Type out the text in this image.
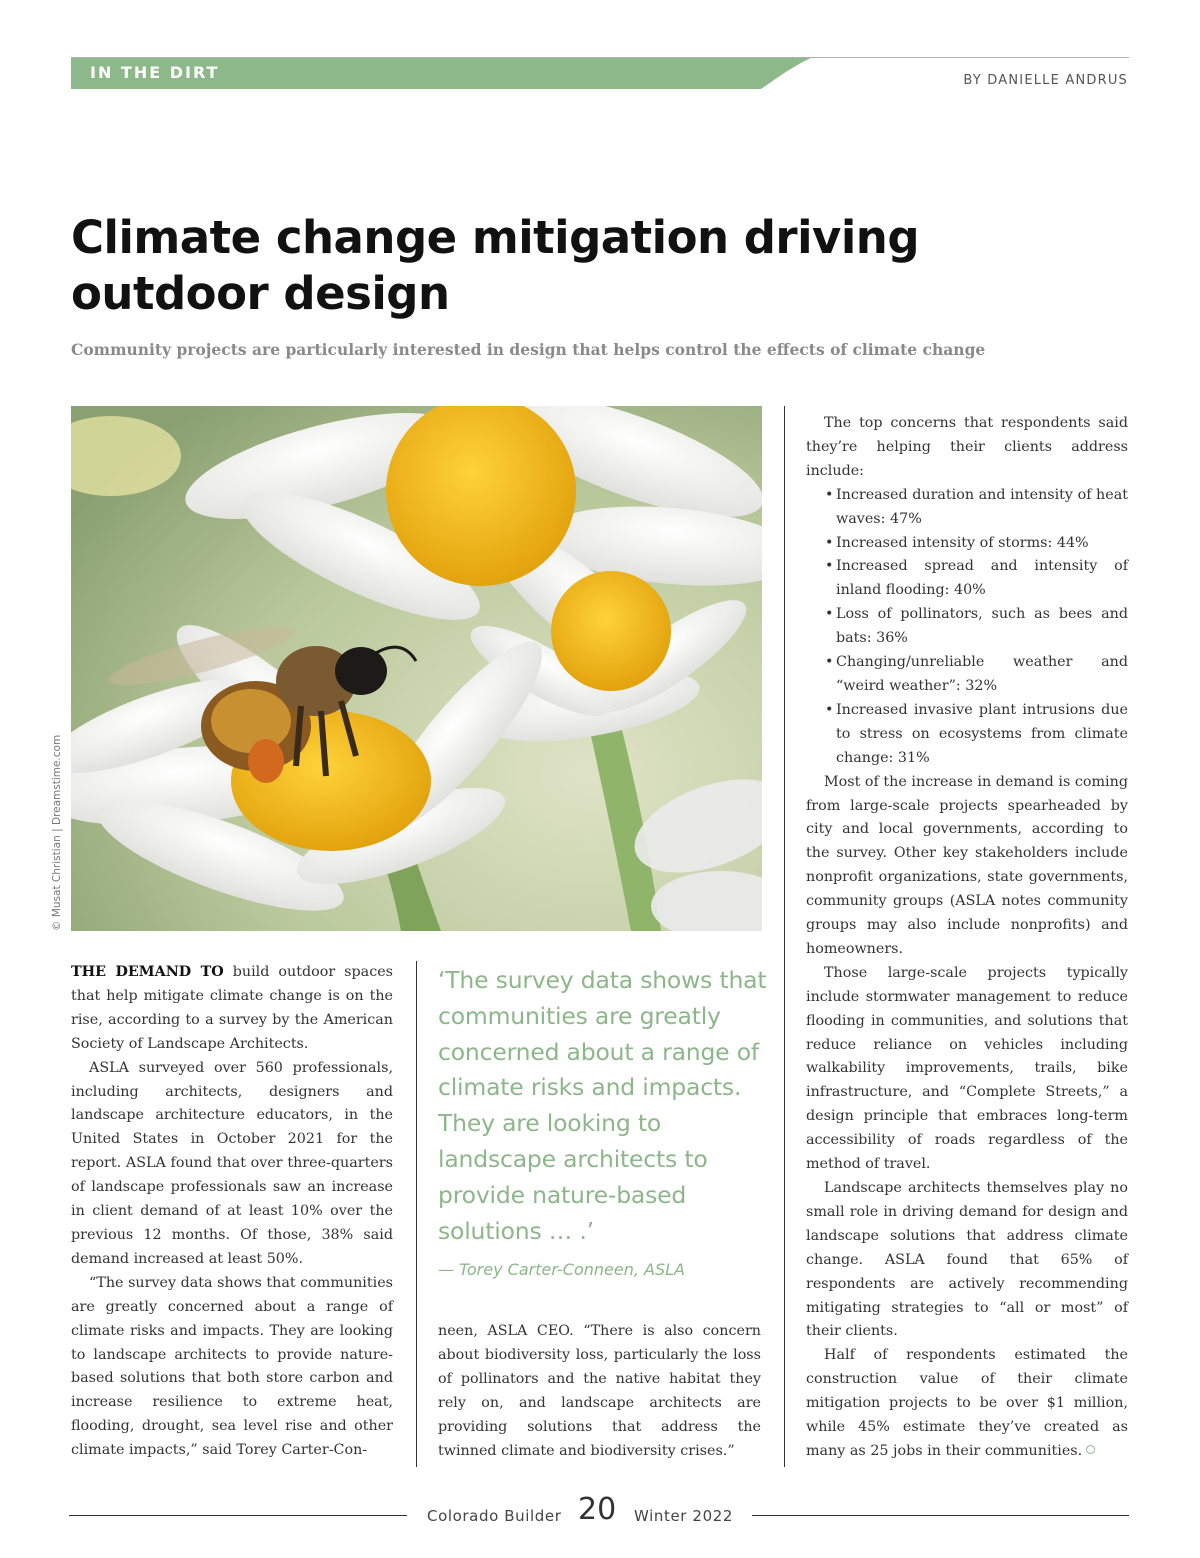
IN THE DIRT	BY DANIELLE ANDRUS
Climate change mitigation driving
outdoor design
Community projects are particularly interested in design that helps control the effects of climate change
© Musat Christian | Dreamstime.com

THE DEMAND TO build outdoor spaces that help mitigate climate change is on the rise, according to a survey by the American Society of Landscape Architects.

ASLA surveyed over 560 professionals, including architects, designers and landscape architecture educators, in the United States in October 2021 for the report. ASLA found that over three-quarters of landscape professionals saw an increase in client demand of at least 10% over the previous 12 months. Of those, 38% said demand increased at least 50%.

“The survey data shows that communities are greatly concerned about a range of climate risks and impacts. They are looking to landscape architects to provide nature-based solutions that both store carbon and increase resilience to extreme heat, flooding, drought, sea level rise and other climate impacts,” said Torey Carter-Con-

‘The survey data shows that communities are greatly concerned about a range of climate risks and impacts. They are looking to landscape architects to provide nature-based solutions … .’
— Torey Carter-Conneen, ASLA

neen, ASLA CEO. “There is also concern about biodiversity loss, particularly the loss of pollinators and the native habitat they rely on, and landscape architects are providing solutions that address the twinned climate and biodiversity crises.”

The top concerns that respondents said they’re helping their clients address include:

• Increased duration and intensity of heat waves: 47%
• Increased intensity of storms: 44%
• Increased spread and intensity of inland flooding: 40%
• Loss of pollinators, such as bees and bats: 36%
• Changing/unreliable weather and “weird weather”: 32%
• Increased invasive plant intrusions due to stress on ecosystems from climate change: 31%

Most of the increase in demand is coming from large-scale projects spearheaded by city and local governments, according to the survey. Other key stakeholders include nonprofit organizations, state governments, community groups (ASLA notes community groups may also include nonprofits) and homeowners.

Those large-scale projects typically include stormwater management to reduce flooding in communities, and solutions that reduce reliance on vehicles including walkability improvements, trails, bike infrastructure, and “Complete Streets,” a design principle that embraces long-term accessibility of roads regardless of the method of travel.

Landscape architects themselves play no small role in driving demand for design and landscape solutions that address climate change. ASLA found that 65% of respondents are actively recommending mitigating strategies to “all or most” of their clients.

Half of respondents estimated the construction value of their climate mitigation projects to be over $1 million, while 45% estimate they’ve created as many as 25 jobs in their communities.

Colorado Builder 20 Winter 2022
